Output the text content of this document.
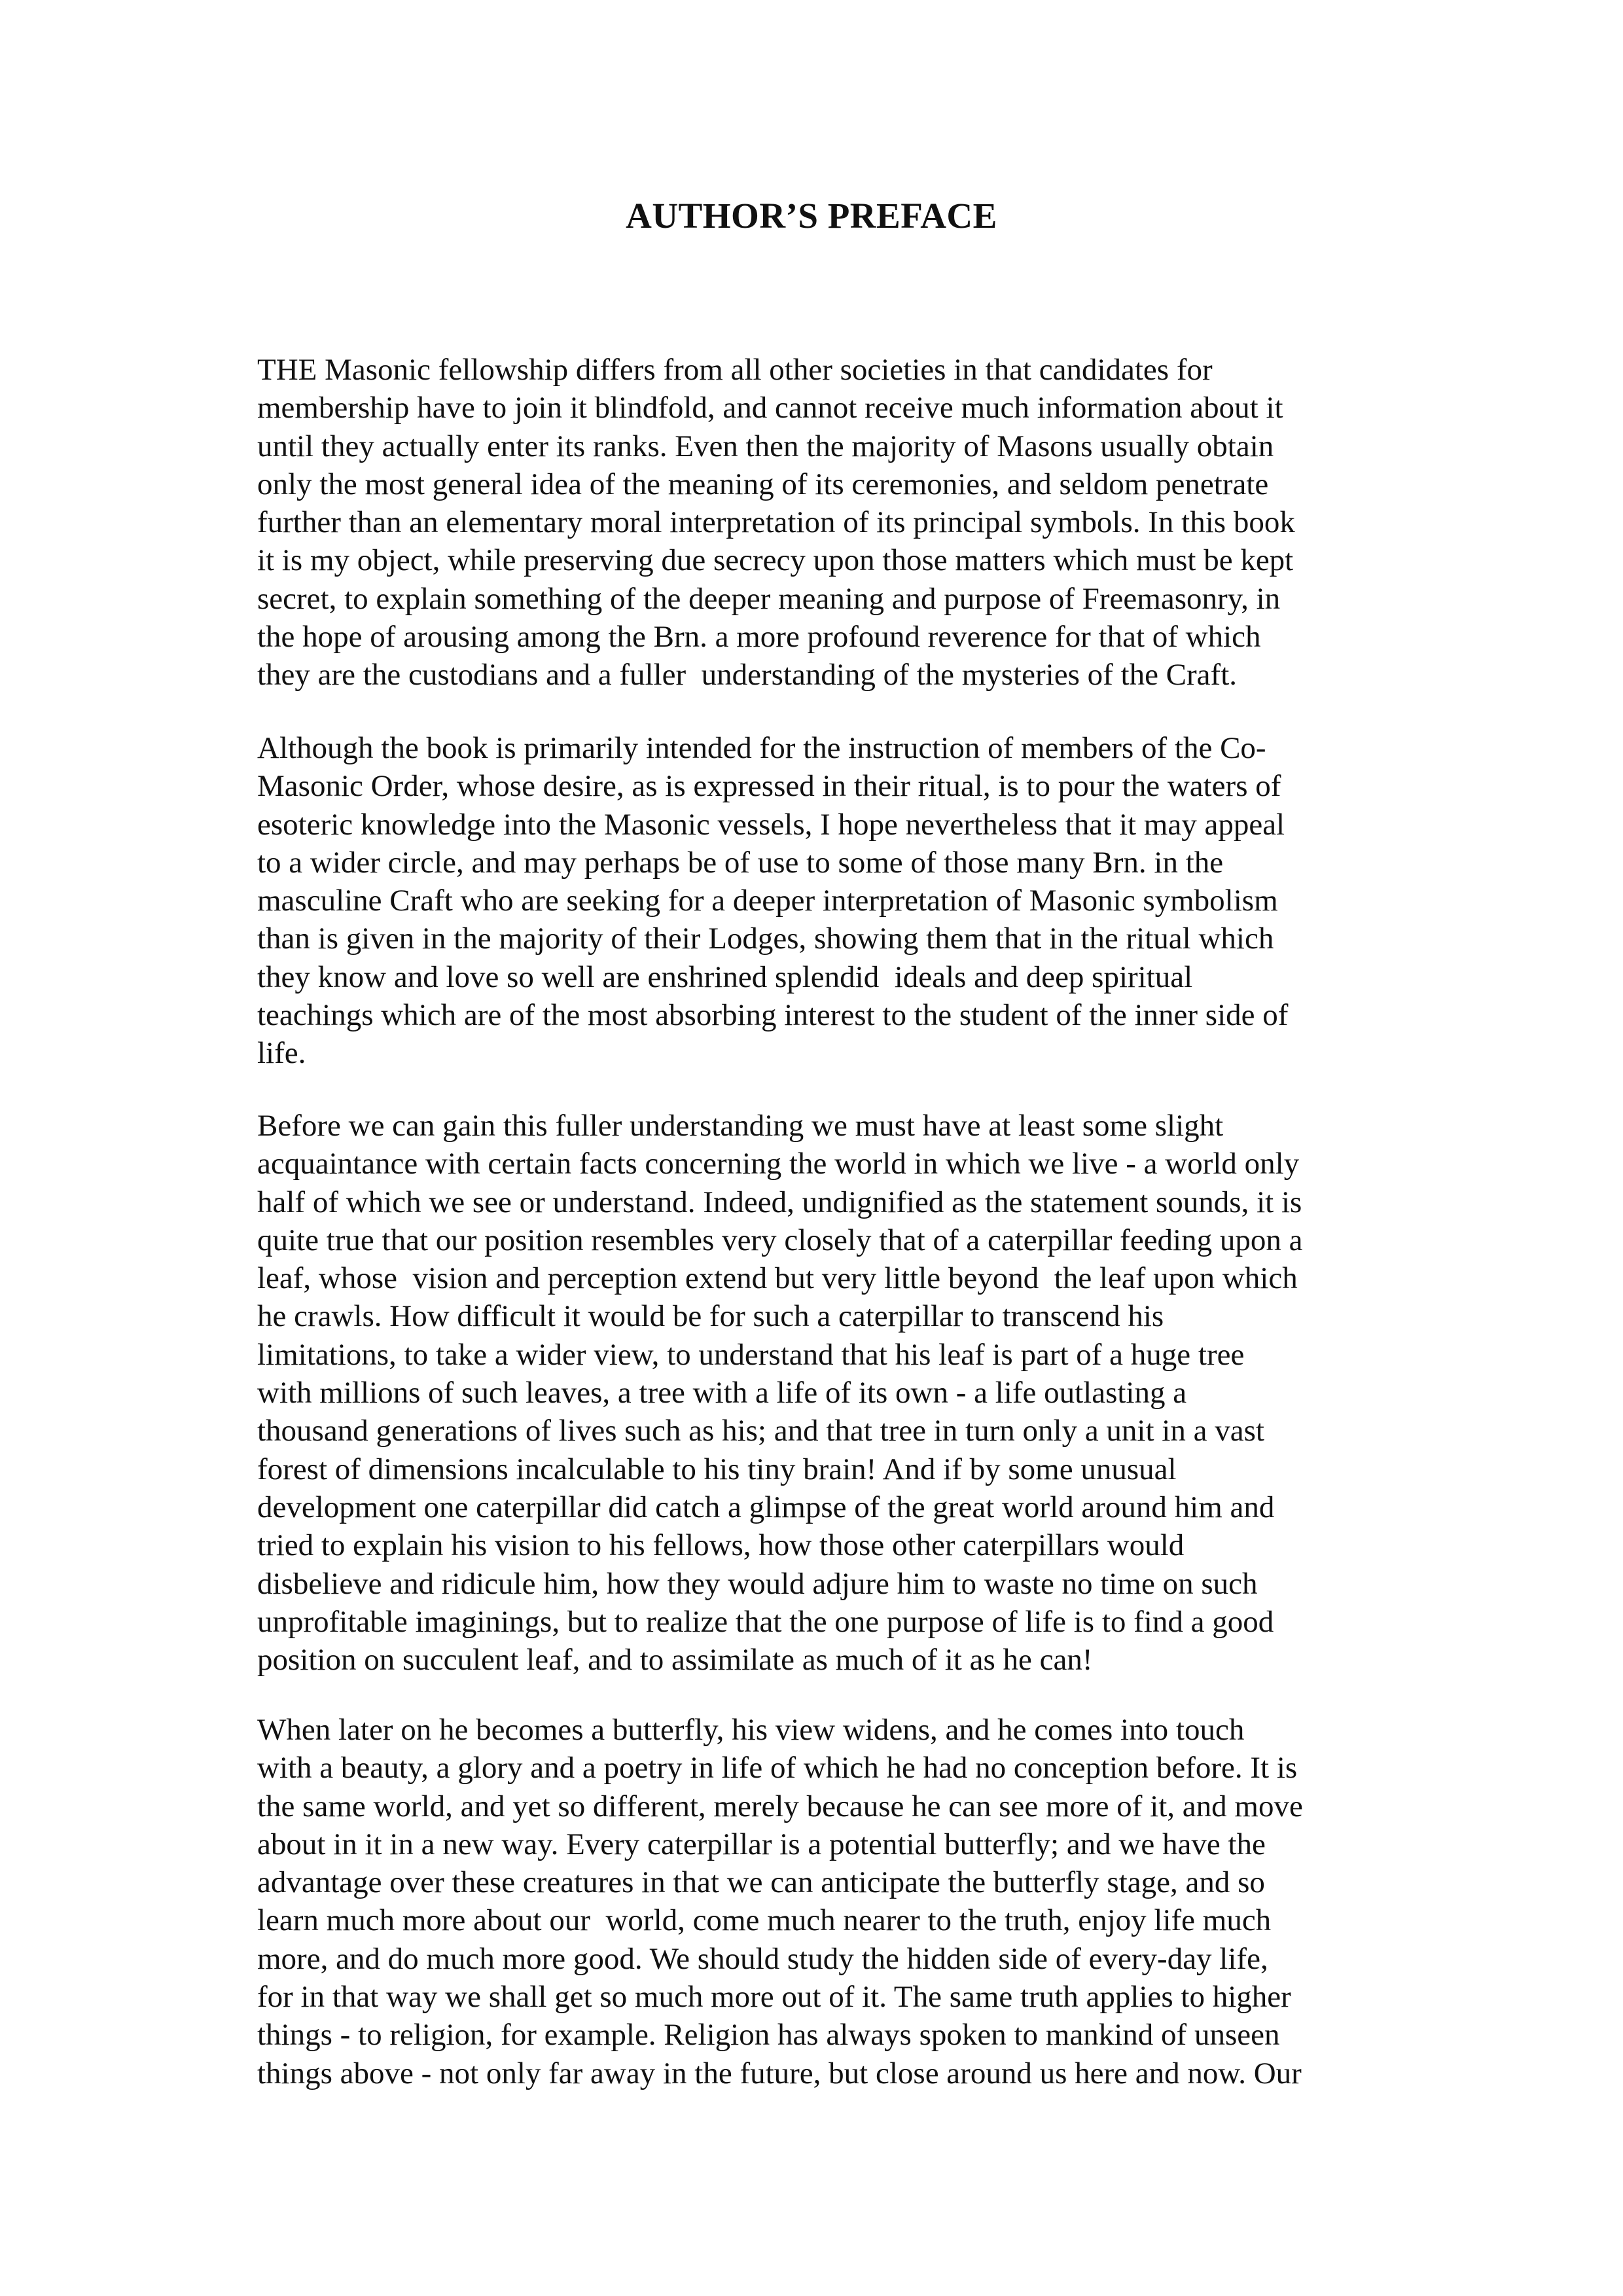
AUTHOR’S PREFACE
THE Masonic fellowship differs from all other societies in that candidates for
membership have to join it blindfold, and cannot receive much information about it
until they actually enter its ranks. Even then the majority of Masons usually obtain
only the most general idea of the meaning of its ceremonies, and seldom penetrate
further than an elementary moral interpretation of its principal symbols. In this book
it is my object, while preserving due secrecy upon those matters which must be kept
secret, to explain something of the deeper meaning and purpose of Freemasonry, in
the hope of arousing among the Brn. a more profound reverence for that of which
they are the custodians and a fuller  understanding of the mysteries of the Craft.
Although the book is primarily intended for the instruction of members of the Co-
Masonic Order, whose desire, as is expressed in their ritual, is to pour the waters of
esoteric knowledge into the Masonic vessels, I hope nevertheless that it may appeal
to a wider circle, and may perhaps be of use to some of those many Brn. in the
masculine Craft who are seeking for a deeper interpretation of Masonic symbolism
than is given in the majority of their Lodges, showing them that in the ritual which
they know and love so well are enshrined splendid  ideals and deep spiritual
teachings which are of the most absorbing interest to the student of the inner side of
life.
Before we can gain this fuller understanding we must have at least some slight
acquaintance with certain facts concerning the world in which we live - a world only
half of which we see or understand. Indeed, undignified as the statement sounds, it is
quite true that our position resembles very closely that of a caterpillar feeding upon a
leaf, whose  vision and perception extend but very little beyond  the leaf upon which
he crawls. How difficult it would be for such a caterpillar to transcend his
limitations, to take a wider view, to understand that his leaf is part of a huge tree
with millions of such leaves, a tree with a life of its own - a life outlasting a
thousand generations of lives such as his; and that tree in turn only a unit in a vast
forest of dimensions incalculable to his tiny brain! And if by some unusual
development one caterpillar did catch a glimpse of the great world around him and
tried to explain his vision to his fellows, how those other caterpillars would
disbelieve and ridicule him, how they would adjure him to waste no time on such
unprofitable imaginings, but to realize that the one purpose of life is to find a good
position on succulent leaf, and to assimilate as much of it as he can!
When later on he becomes a butterfly, his view widens, and he comes into touch
with a beauty, a glory and a poetry in life of which he had no conception before. It is
the same world, and yet so different, merely because he can see more of it, and move
about in it in a new way. Every caterpillar is a potential butterfly; and we have the
advantage over these creatures in that we can anticipate the butterfly stage, and so
learn much more about our  world, come much nearer to the truth, enjoy life much
more, and do much more good. We should study the hidden side of every-day life,
for in that way we shall get so much more out of it. The same truth applies to higher
things - to religion, for example. Religion has always spoken to mankind of unseen
things above - not only far away in the future, but close around us here and now. Our
